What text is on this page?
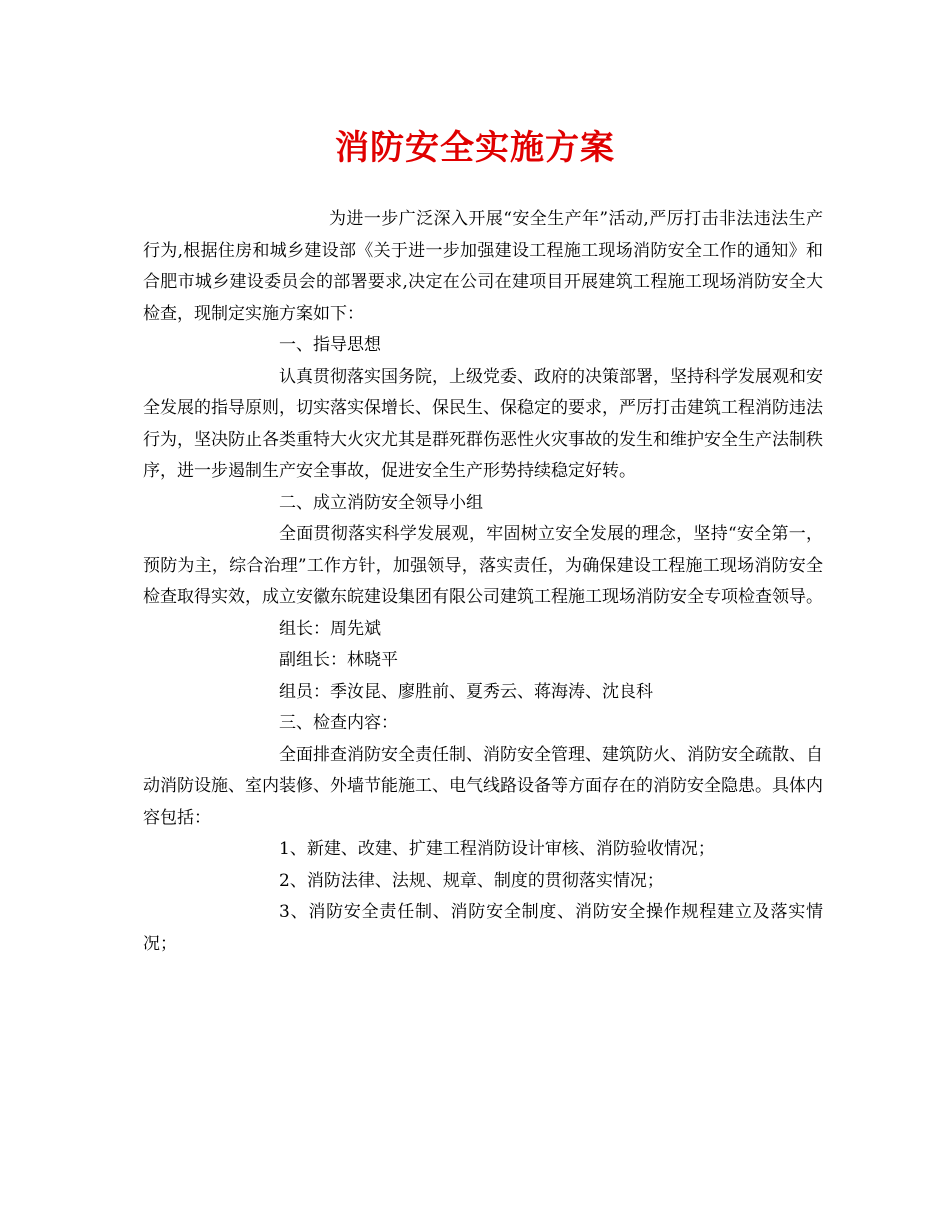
消防安全实施方案

为进一步广泛深入开展“安全生产年”活动,严厉打击非法违法生产行为,根据住房和城乡建设部《关于进一步加强建设工程施工现场消防安全工作的通知》和合肥市城乡建设委员会的部署要求,决定在公司在建项目开展建筑工程施工现场消防安全大检查，现制定实施方案如下：

一、指导思想

认真贯彻落实国务院，上级党委、政府的决策部署，坚持科学发展观和安全发展的指导原则，切实落实保增长、保民生、保稳定的要求，严厉打击建筑工程消防违法行为，坚决防止各类重特大火灾尤其是群死群伤恶性火灾事故的发生和维护安全生产法制秩序，进一步遏制生产安全事故，促进安全生产形势持续稳定好转。

二、成立消防安全领导小组

全面贯彻落实科学发展观，牢固树立安全发展的理念，坚持“安全第一，预防为主，综合治理”工作方针，加强领导，落实责任，为确保建设工程施工现场消防安全检查取得实效，成立安徽东皖建设集团有限公司建筑工程施工现场消防安全专项检查领导。

组长：周先斌

副组长：林晓平

组员：季汝昆、廖胜前、夏秀云、蒋海涛、沈良科

三、检查内容：

全面排查消防安全责任制、消防安全管理、建筑防火、消防安全疏散、自动消防设施、室内装修、外墙节能施工、电气线路设备等方面存在的消防安全隐患。具体内容包括：

1、新建、改建、扩建工程消防设计审核、消防验收情况；

2、消防法律、法规、规章、制度的贯彻落实情况；

3、消防安全责任制、消防安全制度、消防安全操作规程建立及落实情况；
